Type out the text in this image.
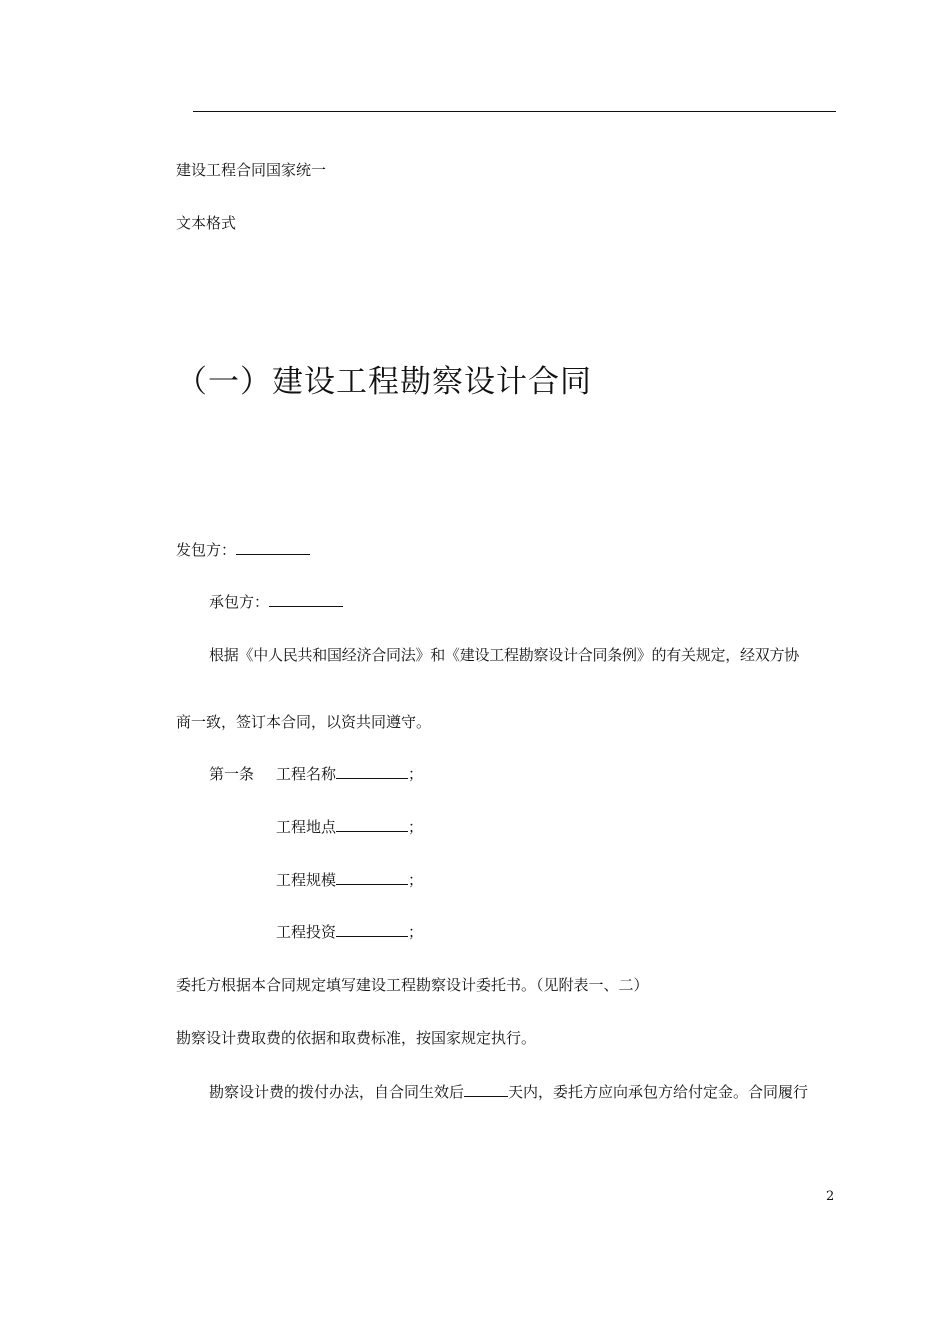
建设工程合同国家统一
文本格式
（一）建设工程勘察设计合同
发包方：
承包方：
根据《中人民共和国经济合同法》和《建设工程勘察设计合同条例》的有关规定，经双方协
商一致，签订本合同，以资共同遵守。
第一条 工程名称	；
工程地点	；
工程规模	；
工程投资	；
委托方根据本合同规定填写建设工程勘察设计委托书。（见附表一、二）
勘察设计费取费的依据和取费标准，按国家规定执行。
勘察设计费的拨付办法，自合同生效后	天内，委托方应向承包方给付定金。合同履行
2
